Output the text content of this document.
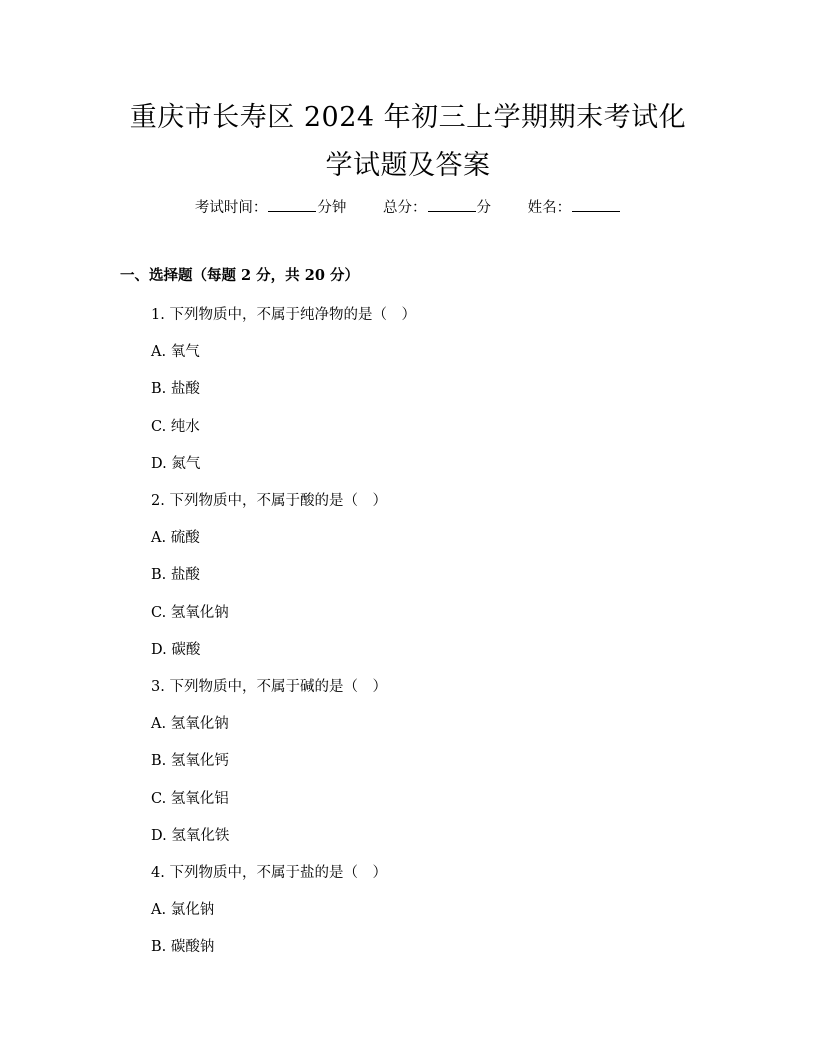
重庆市长寿区 2024 年初三上学期期末考试化
学试题及答案
考试时间：	分钟	总分：	分	姓名：
一、选择题（每题 2 分，共 20 分）
1. 下列物质中，不属于纯净物的是（　）
A. 氧气
B. 盐酸
C. 纯水
D. 氮气
2. 下列物质中，不属于酸的是（　）
A. 硫酸
B. 盐酸
C. 氢氧化钠
D. 碳酸
3. 下列物质中，不属于碱的是（　）
A. 氢氧化钠
B. 氢氧化钙
C. 氢氧化铝
D. 氢氧化铁
4. 下列物质中，不属于盐的是（　）
A. 氯化钠
B. 碳酸钠
